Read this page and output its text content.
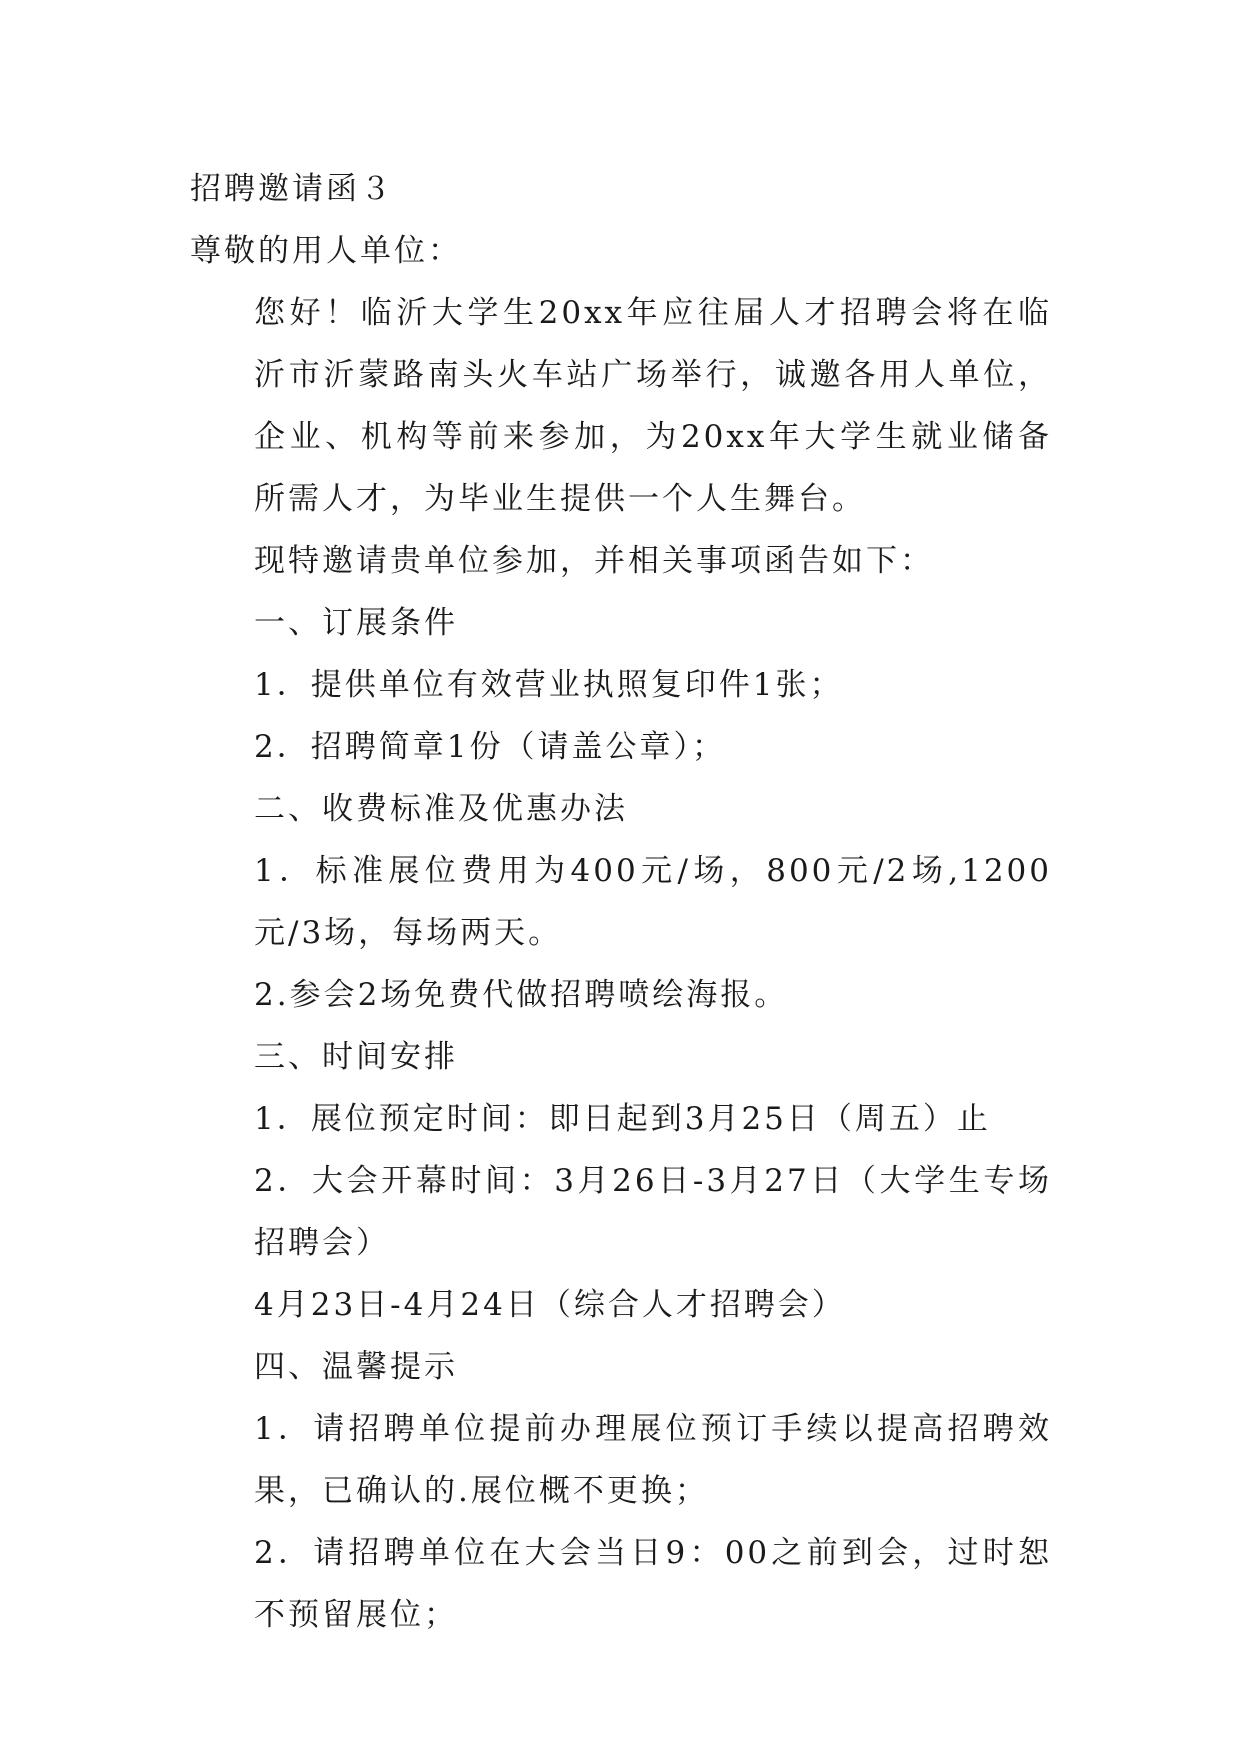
招聘邀请函３
尊敬的用人单位：

您好！临沂大学生20xx年应往届人才招聘会将在临沂市沂蒙路南头火车站广场举行，诚邀各用人单位，企业、机构等前来参加，为20xx年大学生就业储备所需人才，为毕业生提供一个人生舞台。

现特邀请贵单位参加，并相关事项函告如下：

一、订展条件

1．提供单位有效营业执照复印件1张；

2．招聘简章1份（请盖公章）；

二、收费标准及优惠办法

1．标准展位费用为400元/场，800元/2场,1200元/3场，每场两天。

2.参会2场免费代做招聘喷绘海报。

三、时间安排

1．展位预定时间：即日起到3月25日（周五）止

2．大会开幕时间：3月26日-3月27日（大学生专场招聘会）

4月23日-4月24日（综合人才招聘会）

四、温馨提示

1．请招聘单位提前办理展位预订手续以提高招聘效果，已确认的.展位概不更换；

2．请招聘单位在大会当日9：00之前到会，过时恕不预留展位；
